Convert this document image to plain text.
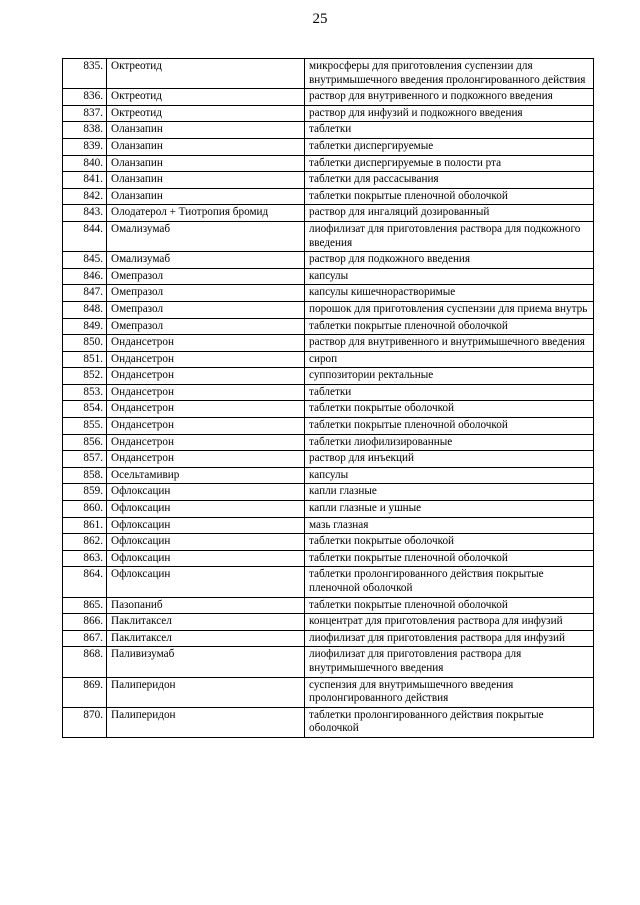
25
835.	Октреотид	микросферы для приготовления суспензии для внутримышечного введения пролонгированного действия
836.	Октреотид	раствор для внутривенного и подкожного введения
837.	Октреотид	раствор для инфузий и подкожного введения
838.	Оланзапин	таблетки
839.	Оланзапин	таблетки диспергируемые
840.	Оланзапин	таблетки диспергируемые в полости рта
841.	Оланзапин	таблетки для рассасывания
842.	Оланзапин	таблетки покрытые пленочной оболочкой
843.	Олодатерол + Тиотропия бромид	раствор для ингаляций дозированный
844.	Омализумаб	лиофилизат для приготовления раствора для подкожного введения
845.	Омализумаб	раствор для подкожного введения
846.	Омепразол	капсулы
847.	Омепразол	капсулы кишечнорастворимые
848.	Омепразол	порошок для приготовления суспензии для приема внутрь
849.	Омепразол	таблетки покрытые пленочной оболочкой
850.	Ондансетрон	раствор для внутривенного и внутримышечного введения
851.	Ондансетрон	сироп
852.	Ондансетрон	суппозитории ректальные
853.	Ондансетрон	таблетки
854.	Ондансетрон	таблетки покрытые оболочкой
855.	Ондансетрон	таблетки покрытые пленочной оболочкой
856.	Ондансетрон	таблетки лиофилизированные
857.	Ондансетрон	раствор для инъекций
858.	Осельтамивир	капсулы
859.	Офлоксацин	капли глазные
860.	Офлоксацин	капли глазные и ушные
861.	Офлоксацин	мазь глазная
862.	Офлоксацин	таблетки покрытые оболочкой
863.	Офлоксацин	таблетки покрытые пленочной оболочкой
864.	Офлоксацин	таблетки пролонгированного действия покрытые пленочной оболочкой
865.	Пазопаниб	таблетки покрытые пленочной оболочкой
866.	Паклитаксел	концентрат для приготовления раствора для инфузий
867.	Паклитаксел	лиофилизат для приготовления раствора для инфузий
868.	Паливизумаб	лиофилизат для приготовления раствора для внутримышечного введения
869.	Палиперидон	суспензия для внутримышечного введения пролонгированного действия
870.	Палиперидон	таблетки пролонгированного действия покрытые оболочкой
